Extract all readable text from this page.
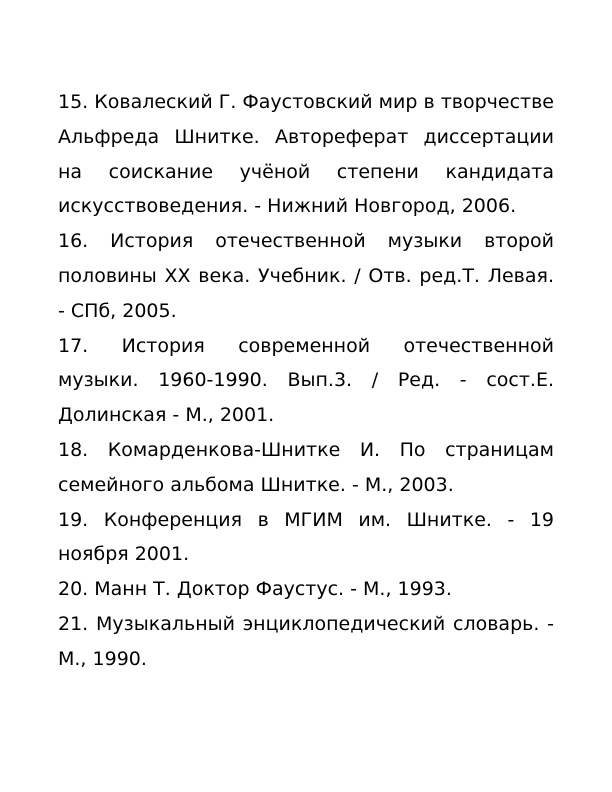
15. Ковалеский Г. Фаустовский мир в творчестве Альфреда Шнитке. Автореферат диссертации на соискание учёной степени кандидата искусствоведения. - Нижний Новгород, 2006.

16. История отечественной музыки второй половины XX века. Учебник. / Отв. ред.Т. Левая. - СПб, 2005.

17. История современной отечественной музыки. 1960-1990. Вып.3. / Ред. - сост.Е. Долинская - М., 2001.

18. Комарденкова-Шнитке И. По страницам семейного альбома Шнитке. - М., 2003.

19. Конференция в МГИМ им. Шнитке. - 19 ноября 2001.

20. Манн Т. Доктор Фаустус. - М., 1993.

21. Музыкальный энциклопедический словарь. - М., 1990.
